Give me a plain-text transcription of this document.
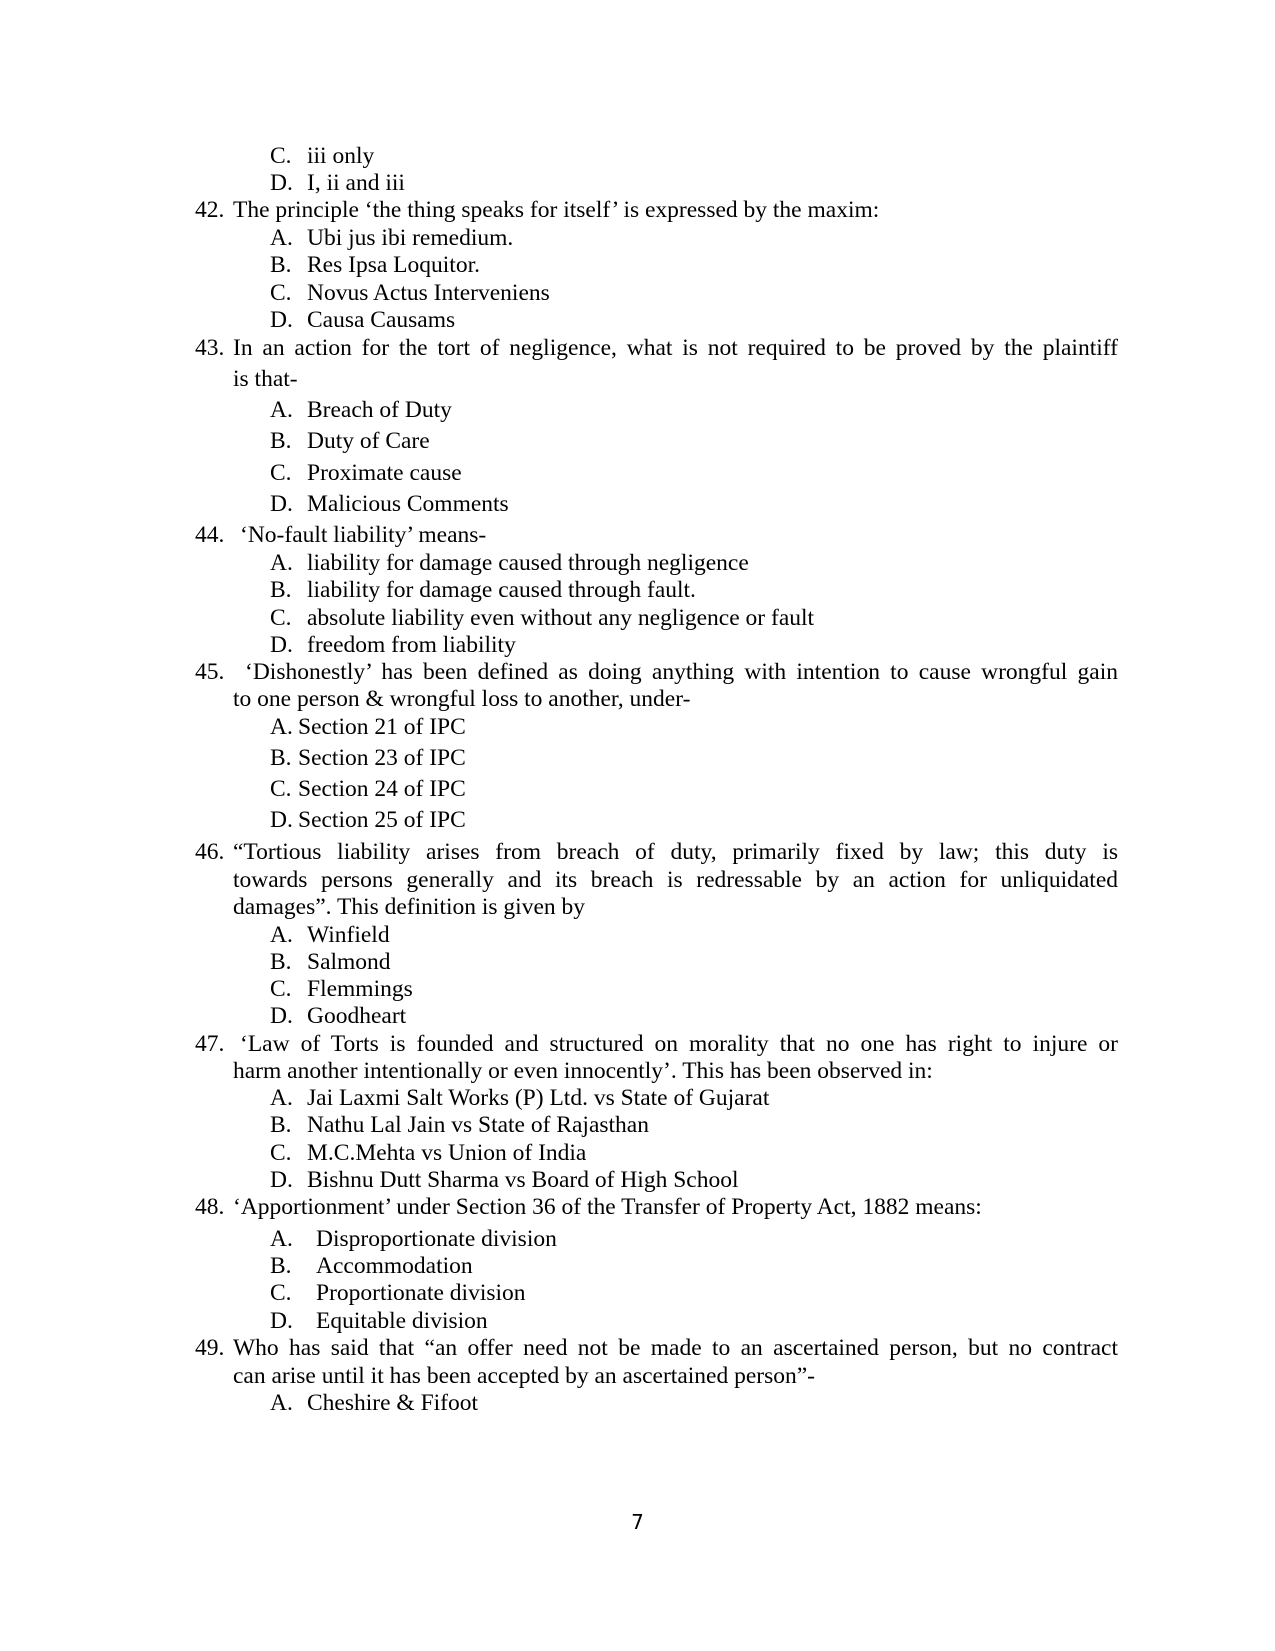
C. iii only
D. I, ii and iii
42. The principle ‘the thing speaks for itself’ is expressed by the maxim:
A. Ubi jus ibi remedium.
B. Res Ipsa Loquitor.
C. Novus Actus Interveniens
D. Causa Causams
43. In an action for the tort of negligence, what is not required to be proved by the plaintiff
is that-
A. Breach of Duty
B. Duty of Care
C. Proximate cause
D. Malicious Comments
44. ‘No-fault liability’ means-
A. liability for damage caused through negligence
B. liability for damage caused through fault.
C. absolute liability even without any negligence or fault
D. freedom from liability
45. ‘Dishonestly’ has been defined as doing anything with intention to cause wrongful gain
to one person & wrongful loss to another, under-
A. Section 21 of IPC
B. Section 23 of IPC
C. Section 24 of IPC
D. Section 25 of IPC
46. “Tortious liability arises from breach of duty, primarily fixed by law; this duty is
towards persons generally and its breach is redressable by an action for unliquidated
damages”. This definition is given by
A. Winfield
B. Salmond
C. Flemmings
D. Goodheart
47. ‘Law of Torts is founded and structured on morality that no one has right to injure or
harm another intentionally or even innocently’. This has been observed in:
A. Jai Laxmi Salt Works (P) Ltd. vs State of Gujarat
B. Nathu Lal Jain vs State of Rajasthan
C. M.C.Mehta vs Union of India
D. Bishnu Dutt Sharma vs Board of High School
48. ‘Apportionment’ under Section 36 of the Transfer of Property Act, 1882 means:
A. Disproportionate division
B. Accommodation
C. Proportionate division
D. Equitable division
49. Who has said that “an offer need not be made to an ascertained person, but no contract
can arise until it has been accepted by an ascertained person”-
A. Cheshire & Fifoot
7
